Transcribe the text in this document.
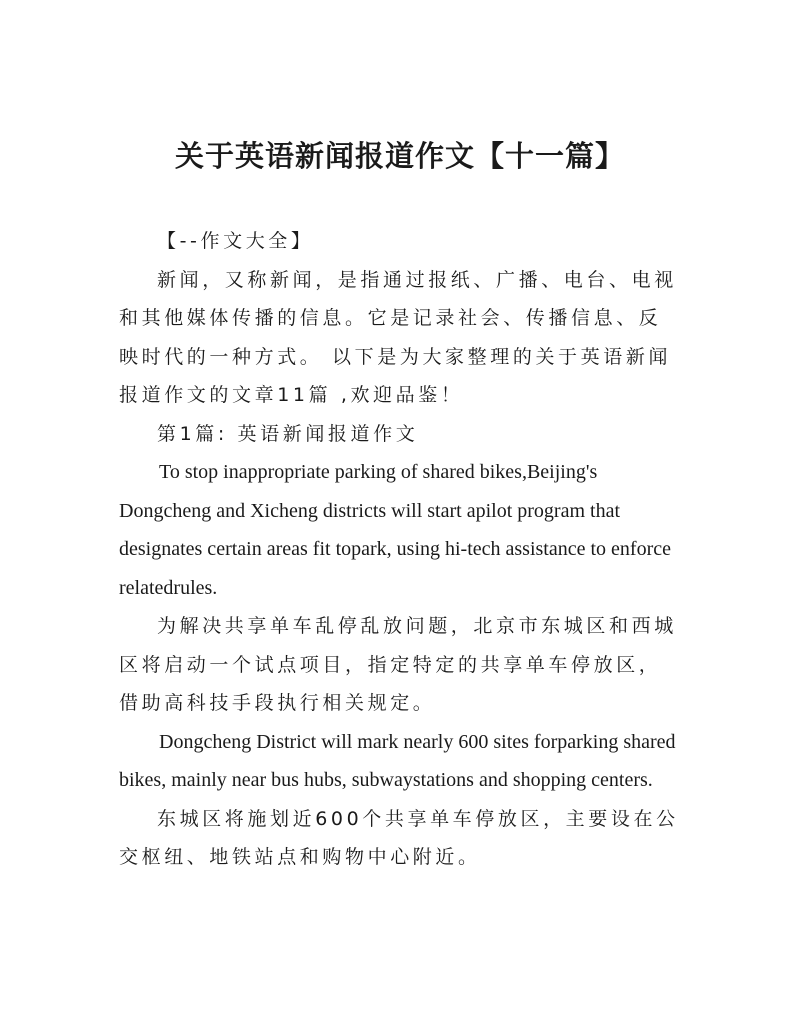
关于英语新闻报道作文【十一篇】

【--作文大全】

新闻，又称新闻，是指通过报纸、广播、电台、电视和其他媒体传播的信息。它是记录社会、传播信息、反映时代的一种方式。 以下是为大家整理的关于英语新闻报道作文的文章11篇 ,欢迎品鉴！

第1篇: 英语新闻报道作文

To stop inappropriate parking of shared bikes,Beijing's Dongcheng and Xicheng districts will start apilot program that designates certain areas fit topark, using hi-tech assistance to enforce relatedrules.

为解决共享单车乱停乱放问题，北京市东城区和西城区将启动一个试点项目，指定特定的共享单车停放区，借助高科技手段执行相关规定。

Dongcheng District will mark nearly 600 sites forparking shared bikes, mainly near bus hubs, subwaystations and shopping centers.

东城区将施划近600个共享单车停放区，主要设在公交枢纽、地铁站点和购物中心附近。
